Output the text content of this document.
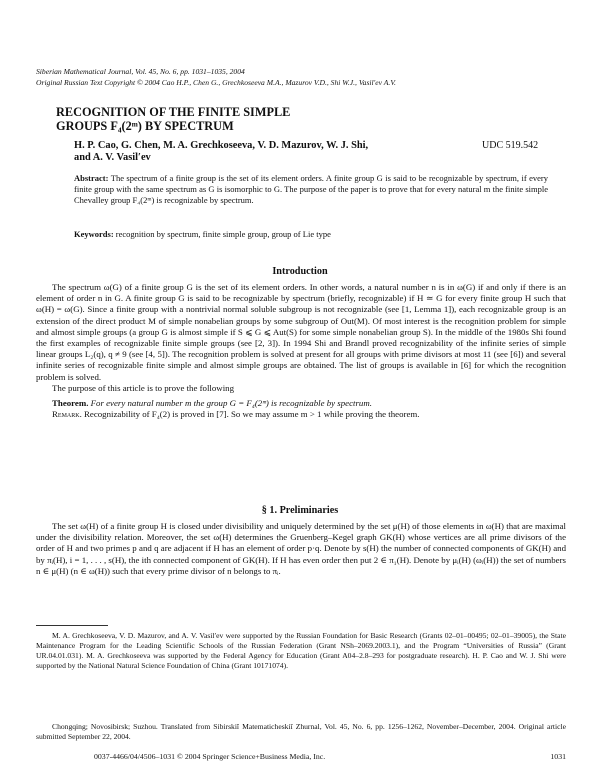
Siberian Mathematical Journal, Vol. 45, No. 6, pp. 1031–1035, 2004
Original Russian Text Copyright © 2004 Cao H.P., Chen G., Grechkoseeva M.A., Mazurov V.D., Shi W.J., Vasil′ev A.V.
RECOGNITION OF THE FINITE SIMPLE
GROUPS F₄(2ᵐ) BY SPECTRUM
H. P. Cao, G. Chen, M. A. Grechkoseeva, V. D. Mazurov, W. J. Shi,
and A. V. Vasil′ev
UDC 519.542
Abstract: The spectrum of a finite group is the set of its element orders. A finite group G is said to be recognizable by spectrum, if every finite group with the same spectrum as G is isomorphic to G. The purpose of the paper is to prove that for every natural m the finite simple Chevalley group F₄(2ᵐ) is recognizable by spectrum.
Keywords: recognition by spectrum, finite simple group, group of Lie type
Introduction

The spectrum ω(G) of a finite group G is the set of its element orders. In other words, a natural number n is in ω(G) if and only if there is an element of order n in G. A finite group G is said to be recognizable by spectrum (briefly, recognizable) if H ≃ G for every finite group H such that ω(H) = ω(G). Since a finite group with a nontrivial normal soluble subgroup is not recognizable (see [1, Lemma 1]), each recognizable group is an extension of the direct product M of simple nonabelian groups by some subgroup of Out(M). Of most interest is the recognition problem for simple and almost simple groups (a group G is almost simple if S ⩽ G ⩽ Aut(S) for some simple nonabelian group S). In the middle of the 1980s Shi found the first examples of recognizable finite simple groups (see [2, 3]). In 1994 Shi and Brandl proved recognizability of the infinite series of simple linear groups L₂(q), q ≠ 9 (see [4, 5]). The recognition problem is solved at present for all groups with prime divisors at most 11 (see [6]) and several infinite series of recognizable finite simple and almost simple groups are obtained. The list of groups is available in [6] for which the recognition problem is solved.

The purpose of this article is to prove the following

Theorem. For every natural number m the group G = F₄(2ᵐ) is recognizable by spectrum.

Remark. Recognizability of F₄(2) is proved in [7]. So we may assume m > 1 while proving the theorem.

§ 1. Preliminaries

The set ω(H) of a finite group H is closed under divisibility and uniquely determined by the set μ(H) of those elements in ω(H) that are maximal under the divisibility relation. Moreover, the set ω(H) determines the Gruenberg–Kegel graph GK(H) whose vertices are all prime divisors of the order of H and two primes p and q are adjacent if H has an element of order p·q. Denote by s(H) the number of connected components of GK(H) and by πᵢ(H), i = 1, . . . , s(H), the ith connected component of GK(H). If H has even order then put 2 ∈ π₁(H). Denote by μᵢ(H) (ωᵢ(H)) the set of numbers n ∈ μ(H) (n ∈ ω(H)) such that every prime divisor of n belongs to πᵢ.

M. A. Grechkoseeva, V. D. Mazurov, and A. V. Vasil′ev were supported by the Russian Foundation for Basic Research (Grants 02–01–00495; 02–01–39005), the State Maintenance Program for the Leading Scientific Schools of the Russian Federation (Grant NSh–2069.2003.1), and the Program “Universities of Russia” (Grant UR.04.01.031). M. A. Grechkoseeva was supported by the Federal Agency for Education (Grant A04–2.8–293 for postgraduate research). H. P. Cao and W. J. Shi were supported by the National Natural Science Foundation of China (Grant 10171074).

Chongqing; Novosibirsk; Suzhou. Translated from Sibirskiĭ Matematicheskiĭ Zhurnal, Vol. 45, No. 6, pp. 1256–1262, November–December, 2004. Original article submitted September 22, 2004.

0037-4466/04/4506–1031 © 2004 Springer Science+Business Media, Inc.	1031
